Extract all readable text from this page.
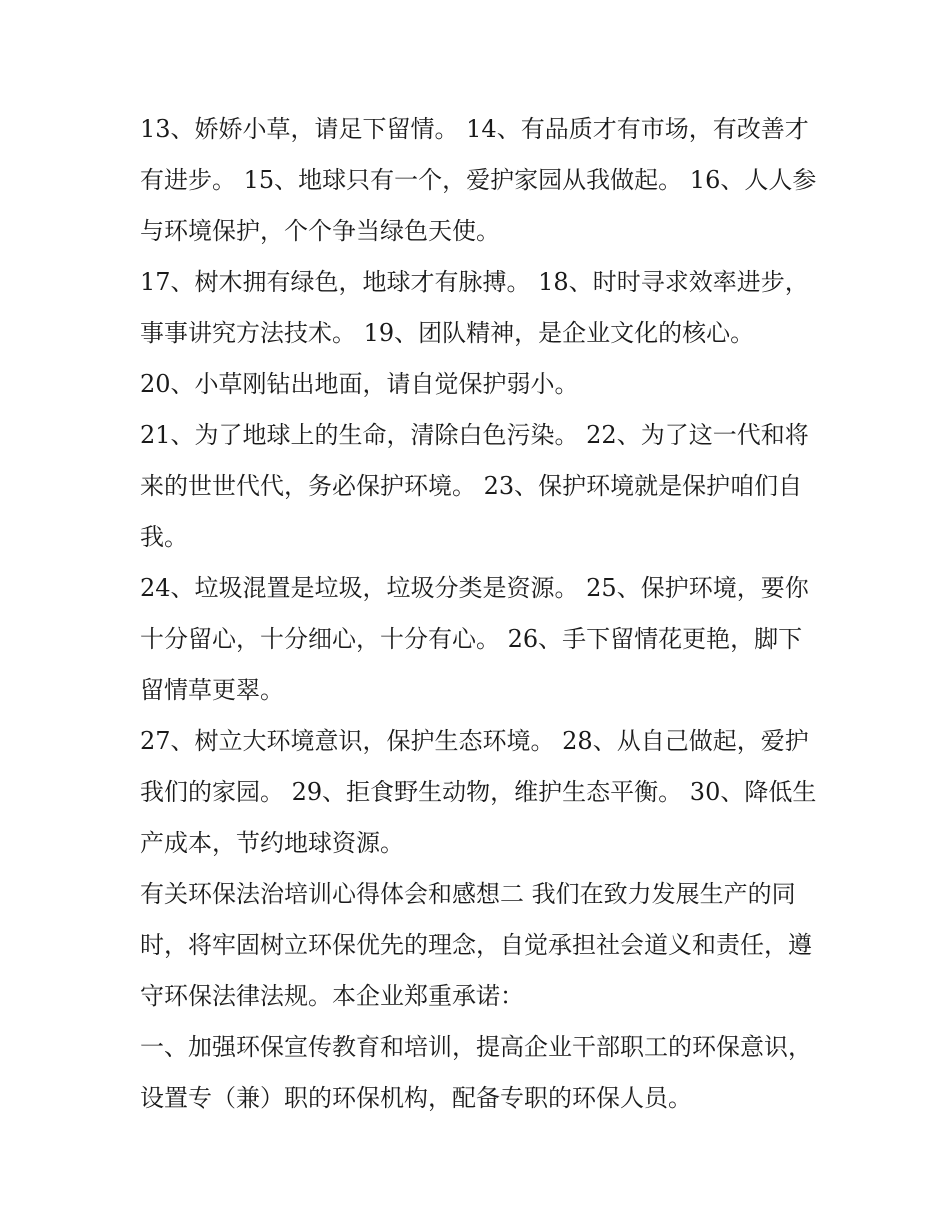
13、娇娇小草，请足下留情。 14、有品质才有市场，有改善才有进步。 15、地球只有一个，爱护家园从我做起。 16、人人参与环境保护，个个争当绿色天使。

17、树木拥有绿色，地球才有脉搏。 18、时时寻求效率进步，事事讲究方法技术。 19、团队精神，是企业文化的核心。

20、小草刚钻出地面，请自觉保护弱小。

21、为了地球上的生命，清除白色污染。 22、为了这一代和将来的世世代代，务必保护环境。 23、保护环境就是保护咱们自我。

24、垃圾混置是垃圾，垃圾分类是资源。 25、保护环境，要你十分留心，十分细心，十分有心。 26、手下留情花更艳，脚下留情草更翠。

27、树立大环境意识，保护生态环境。 28、从自己做起，爱护我们的家园。 29、拒食野生动物，维护生态平衡。 30、降低生产成本，节约地球资源。

有关环保法治培训心得体会和感想二 我们在致力发展生产的同时，将牢固树立环保优先的理念，自觉承担社会道义和责任，遵守环保法律法规。本企业郑重承诺：

一、加强环保宣传教育和培训，提高企业干部职工的环保意识，设置专（兼）职的环保机构，配备专职的环保人员。
